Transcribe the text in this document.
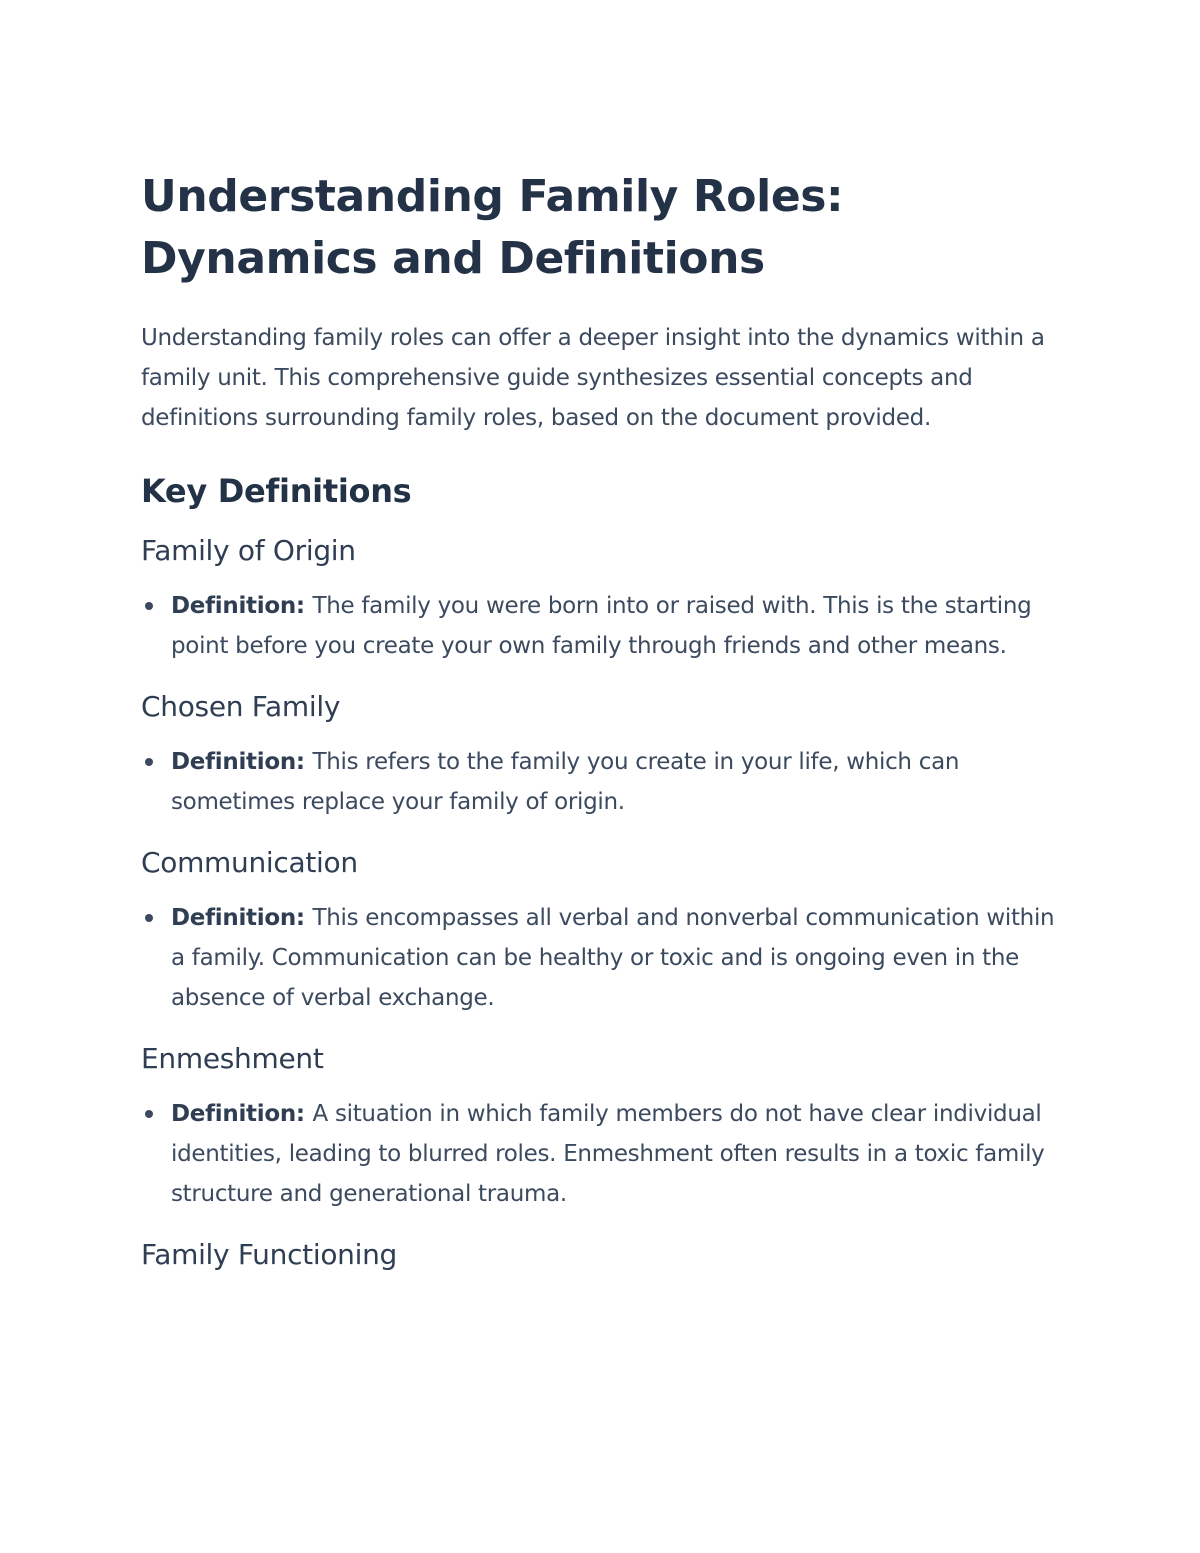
Understanding Family Roles: Dynamics and Definitions

Understanding family roles can offer a deeper insight into the dynamics within a family unit. This comprehensive guide synthesizes essential concepts and definitions surrounding family roles, based on the document provided.

Key Definitions
Family of Origin
Definition: The family you were born into or raised with. This is the starting point before you create your own family through friends and other means.
Chosen Family
Definition: This refers to the family you create in your life, which can sometimes replace your family of origin.
Communication
Definition: This encompasses all verbal and nonverbal communication within a family. Communication can be healthy or toxic and is ongoing even in the absence of verbal exchange.
Enmeshment
Definition: A situation in which family members do not have clear individual identities, leading to blurred roles. Enmeshment often results in a toxic family structure and generational trauma.
Family Functioning
